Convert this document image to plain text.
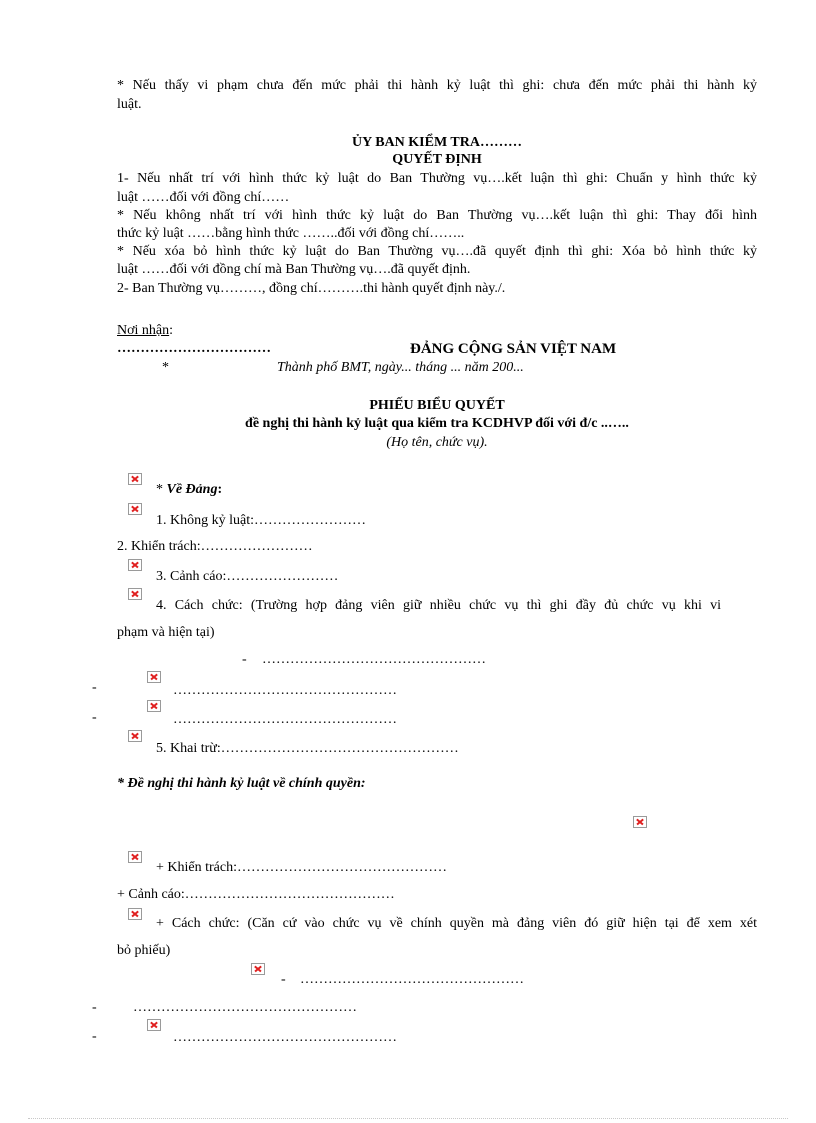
* Nếu thấy vi phạm chưa đến mức phải thi hành kỷ luật thì ghi: chưa đến mức phải thi hành kỷ
luật.
ỦY BAN KIỂM TRA………
QUYẾT ĐỊNH
1- Nếu nhất trí với hình thức kỷ luật do Ban Thường vụ….kết luận thì ghi: Chuẩn y hình thức kỷ
luật ……đối với đồng chí……
* Nếu không nhất trí với hình thức kỷ luật do Ban Thường vụ….kết luận thì ghi: Thay đổi hình
thức kỷ luật ……bằng hình thức ……..đối với đồng chí……..
* Nếu xóa bỏ hình thức kỷ luật do Ban Thường vụ….đã quyết định thì ghi: Xóa bỏ hình thức kỷ
luật ……đối với đồng chí mà Ban Thường vụ….đã quyết định.
2- Ban Thường vụ………, đồng chí……….thi hành quyết định này./.
Nơi nhận:
……………………………	ĐẢNG CỘNG SẢN VIỆT NAM
*	Thành phố BMT, ngày... tháng ... năm 200...
PHIẾU BIỂU QUYẾT
đề nghị thi hành kỷ luật qua kiểm tra KCDHVP đối với đ/c ..…..
(Họ tên, chức vụ).
* Về Đảng:
1. Không kỷ luật:……………………
2. Khiển trách:……………………
3. Cảnh cáo:……………………
4. Cách chức: (Trường hợp đảng viên giữ nhiều chức vụ thì ghi đầy đủ chức vụ khi vi
phạm và hiện tại)
- …………………………………………
-	…………………………………………
-	…………………………………………
5. Khai trừ:……………………………………………
* Đề nghị thi hành kỷ luật về chính quyền:
+ Khiển trách:………………………………………
+ Cảnh cáo:………………………………………
+ Cách chức: (Căn cứ vào chức vụ về chính quyền mà đảng viên đó giữ hiện tại để xem xét
bỏ phiếu)
- …………………………………………
-	…………………………………………
-	…………………………………………
